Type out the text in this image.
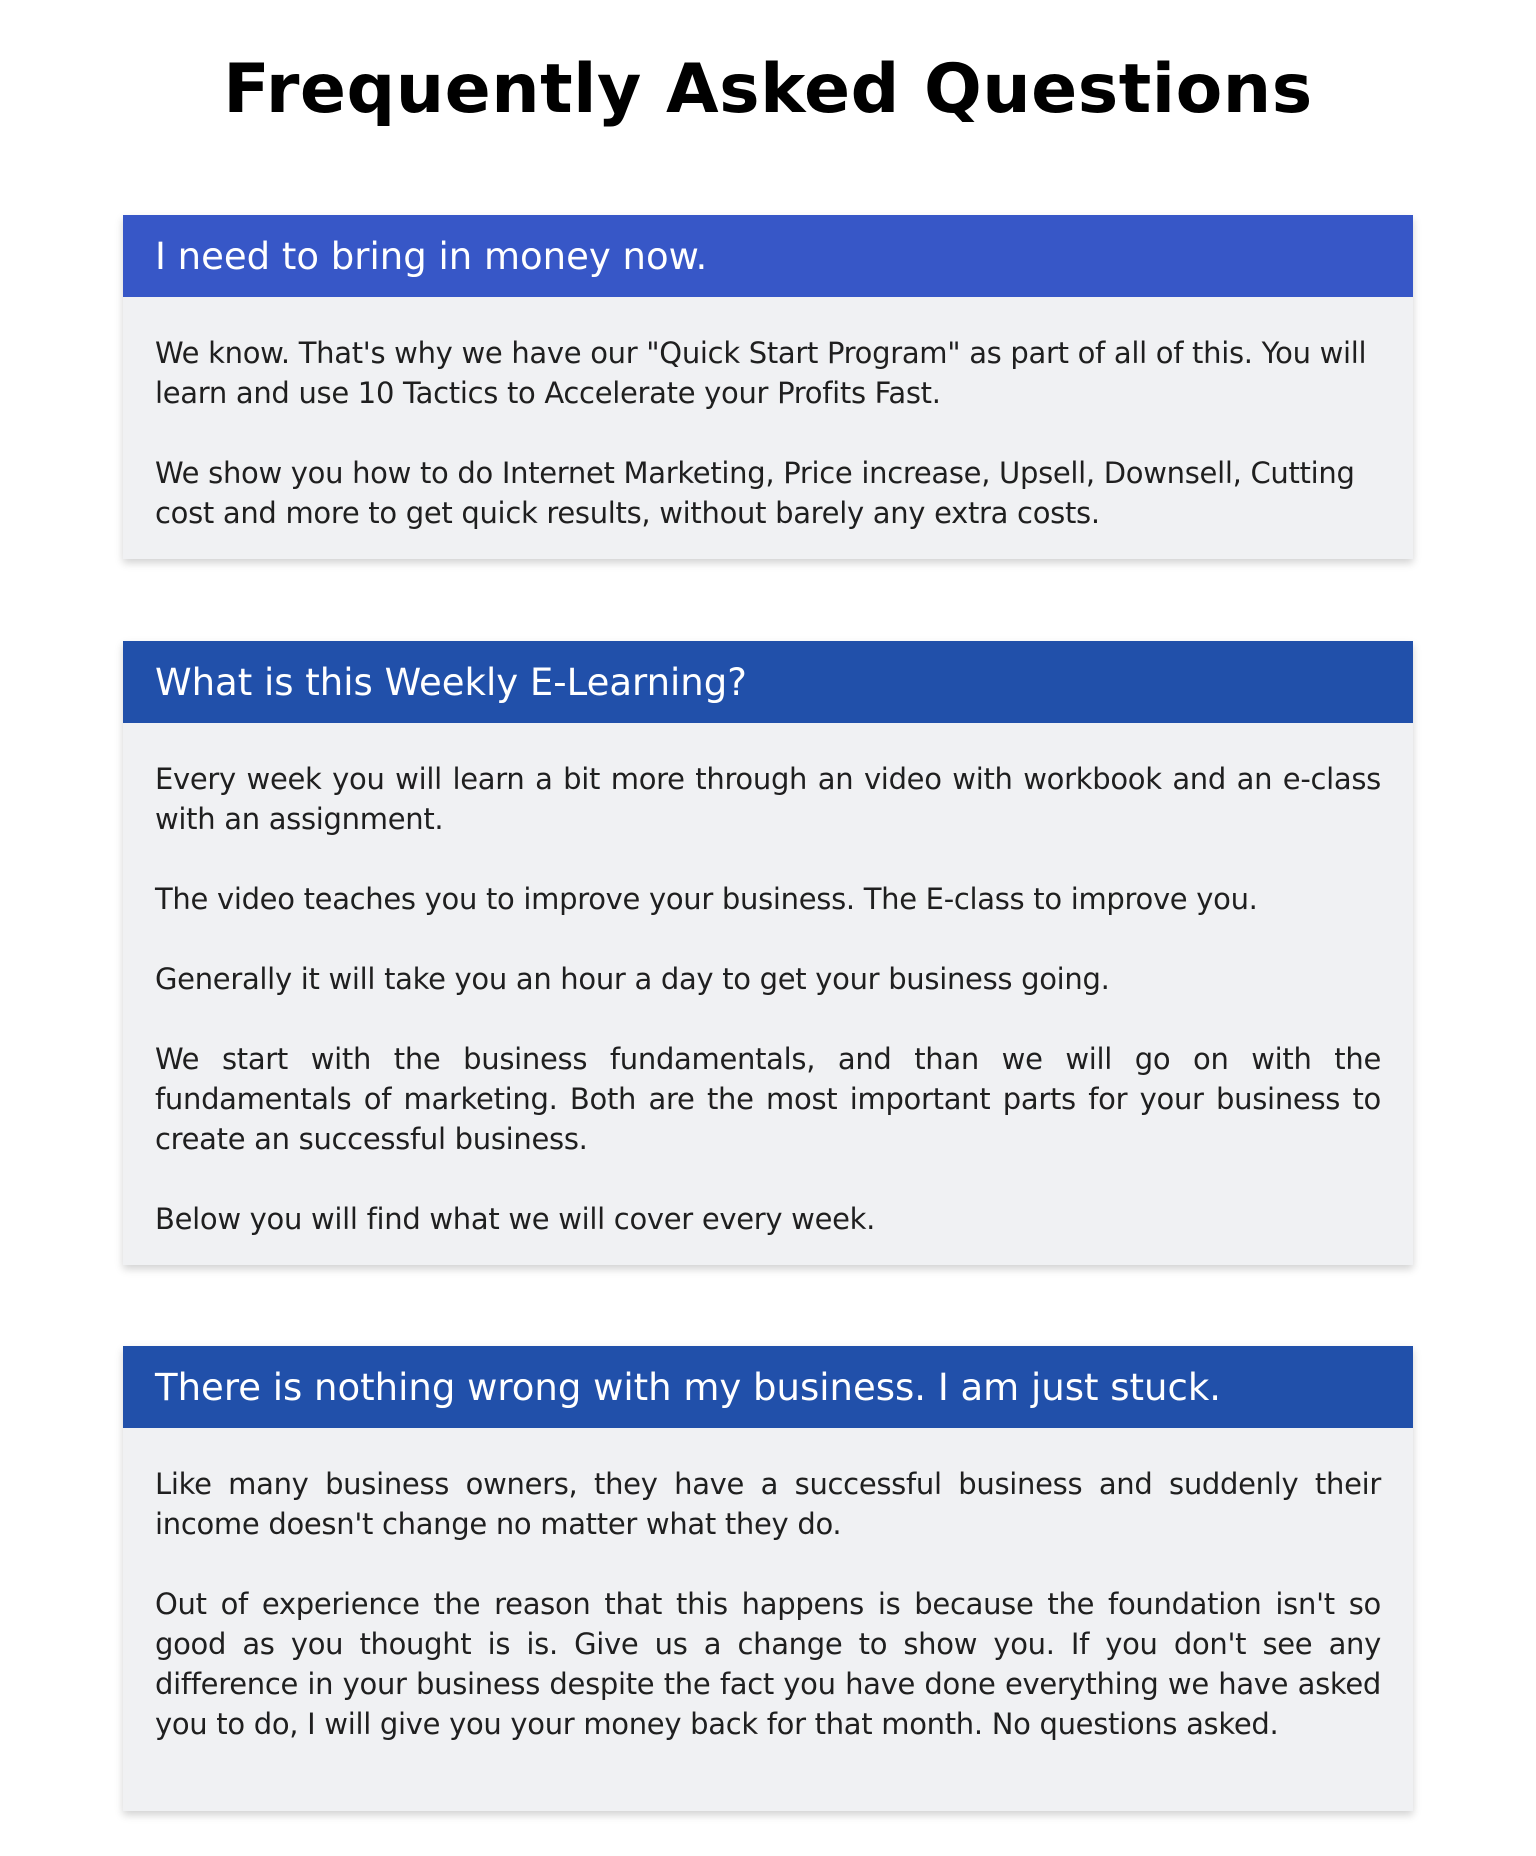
Frequently Asked Questions
I need to bring in money now.

We know. That's why we have our "Quick Start Program" as part of all of this. You will learn and use 10 Tactics to Accelerate your Profits Fast.

We show you how to do Internet Marketing, Price increase, Upsell, Downsell, Cutting cost and more to get quick results, without barely any extra costs.

What is this Weekly E-Learning?

Every week you will learn a bit more through an video with workbook and an e-class with an assignment.

The video teaches you to improve your business. The E-class to improve you.

Generally it will take you an hour a day to get your business going.

We start with the business fundamentals, and than we will go on with the fundamentals of marketing. Both are the most important parts for your business to create an successful business.

Below you will find what we will cover every week.

There is nothing wrong with my business. I am just stuck.

Like many business owners, they have a successful business and suddenly their income doesn't change no matter what they do.

Out of experience the reason that this happens is because the foundation isn't so good as you thought is is. Give us a change to show you. If you don't see any difference in your business despite the fact you have done everything we have asked you to do, I will give you your money back for that month. No questions asked.
